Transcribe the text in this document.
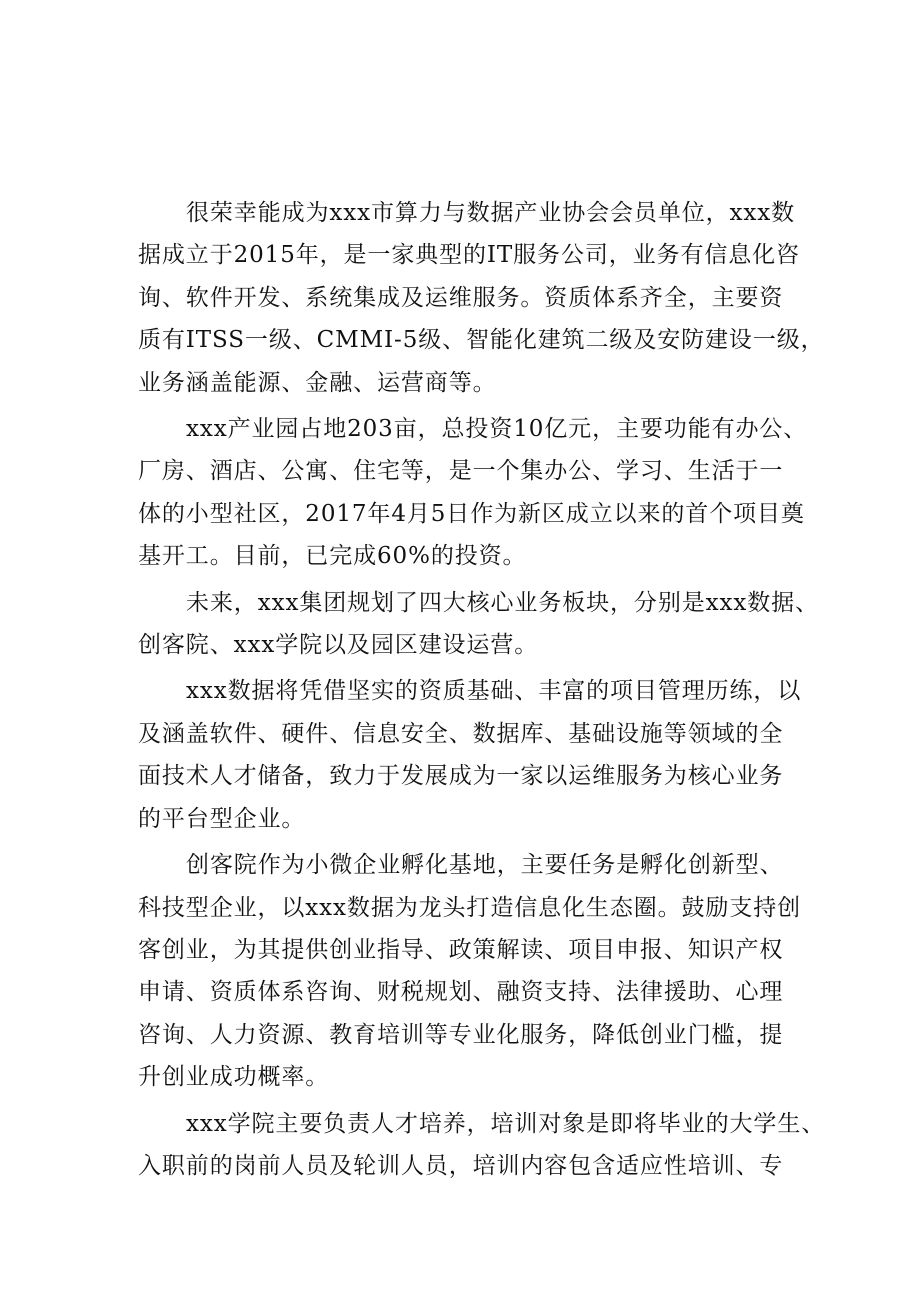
很荣幸能成为xxx市算力与数据产业协会会员单位，xxx数
据成立于2015年，是一家典型的IT服务公司，业务有信息化咨
询、软件开发、系统集成及运维服务。资质体系齐全，主要资
质有ITSS一级、CMMI-5级、智能化建筑二级及安防建设一级，
业务涵盖能源、金融、运营商等。

xxx产业园占地203亩，总投资10亿元，主要功能有办公、
厂房、酒店、公寓、住宅等，是一个集办公、学习、生活于一
体的小型社区，2017年4月5日作为新区成立以来的首个项目奠
基开工。目前，已完成60%的投资。

未来，xxx集团规划了四大核心业务板块，分别是xxx数据、
创客院、xxx学院以及园区建设运营。

xxx数据将凭借坚实的资质基础、丰富的项目管理历练，以
及涵盖软件、硬件、信息安全、数据库、基础设施等领域的全
面技术人才储备，致力于发展成为一家以运维服务为核心业务
的平台型企业。

创客院作为小微企业孵化基地，主要任务是孵化创新型、
科技型企业，以xxx数据为龙头打造信息化生态圈。鼓励支持创
客创业，为其提供创业指导、政策解读、项目申报、知识产权
申请、资质体系咨询、财税规划、融资支持、法律援助、心理
咨询、人力资源、教育培训等专业化服务，降低创业门槛，提
升创业成功概率。

xxx学院主要负责人才培养，培训对象是即将毕业的大学生、
入职前的岗前人员及轮训人员，培训内容包含适应性培训、专
